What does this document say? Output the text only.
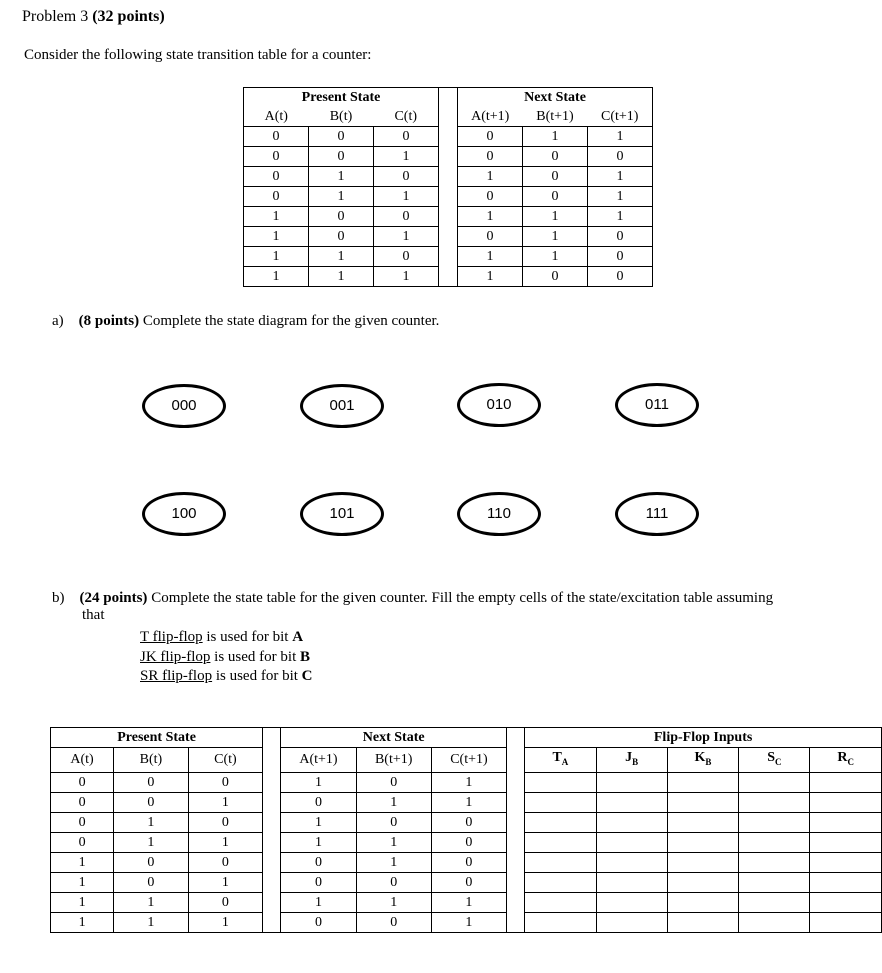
Problem 3 (32 points)
Consider the following state transition table for a counter:
Present State				Next State		
A(t)	B(t)	C(t)		A(t+1)	B(t+1)	C(t+1)
0	0	0		0	1	1
0	0	1		0	0	0
0	1	0		1	0	1
0	1	1		0	0	1
1	0	0		1	1	1
1	0	1		0	1	0
1	1	0		1	1	0
1	1	1		1	0	0
a) (8 points) Complete the state diagram for the given counter.
000	001	010	011
100	101	110	111
b) (24 points) Complete the state table for the given counter. Fill the empty cells of the state/excitation table assuming
that
T flip-flop is used for bit A
JK flip-flop is used for bit B
SR flip-flop is used for bit C
Present State				Next State				Flip-Flop Inputs				
A(t)	B(t)	C(t)		A(t+1)	B(t+1)	C(t+1)		$T_A$	$J_B$	$K_B$	$S_C$	$R_C$
0	0	0		1	0	1						
0	0	1		0	1	1						
0	1	0		1	0	0						
0	1	1		1	1	0						
1	0	0		0	1	0						
1	0	1		0	0	0						
1	1	0		1	1	1						
1	1	1		0	0	1						
